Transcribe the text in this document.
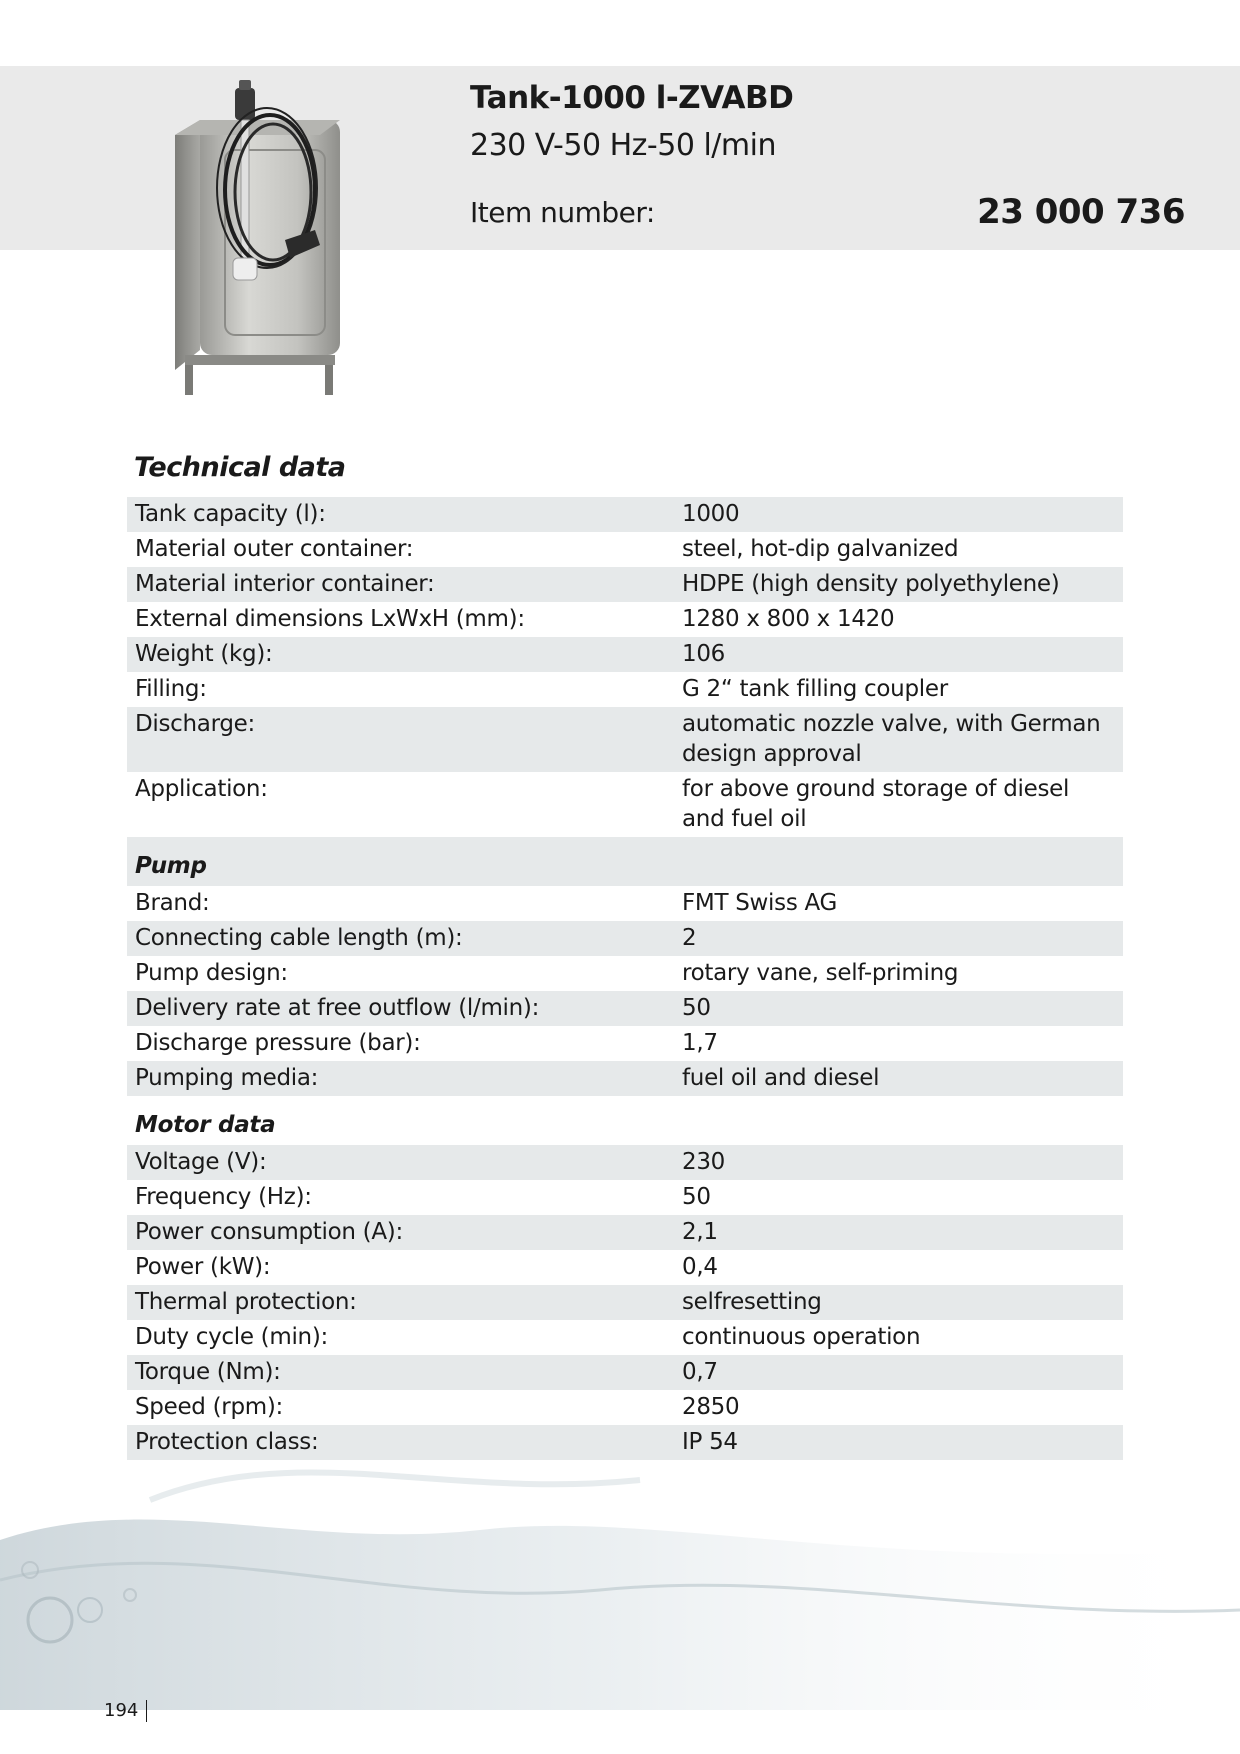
Tank-1000 l-ZVABD
230 V-50 Hz-50 l/min
Item number:	23 000 736
Technical data
Tank capacity (l):	1000
Material outer container:	steel, hot-dip galvanized
Material interior container:	HDPE (high density polyethylene)
External dimensions LxWxH (mm):	1280 x 800 x 1420
Weight (kg):	106
Filling:	G 2“ tank filling coupler
Discharge:	automatic nozzle valve, with German design approval
Application:	for above ground storage of diesel and fuel oil
Pump
Brand:	FMT Swiss AG
Connecting cable length (m):	2
Pump design:	rotary vane, self-priming
Delivery rate at free outflow (l/min):	50
Discharge pressure (bar):	1,7
Pumping media:	fuel oil and diesel
Motor data
Voltage (V):	230
Frequency (Hz):	50
Power consumption (A):	2,1
Power (kW):	0,4
Thermal protection:	selfresetting
Duty cycle (min):	continuous operation
Torque (Nm):	0,7
Speed (rpm):	2850
Protection class:	IP 54
194
